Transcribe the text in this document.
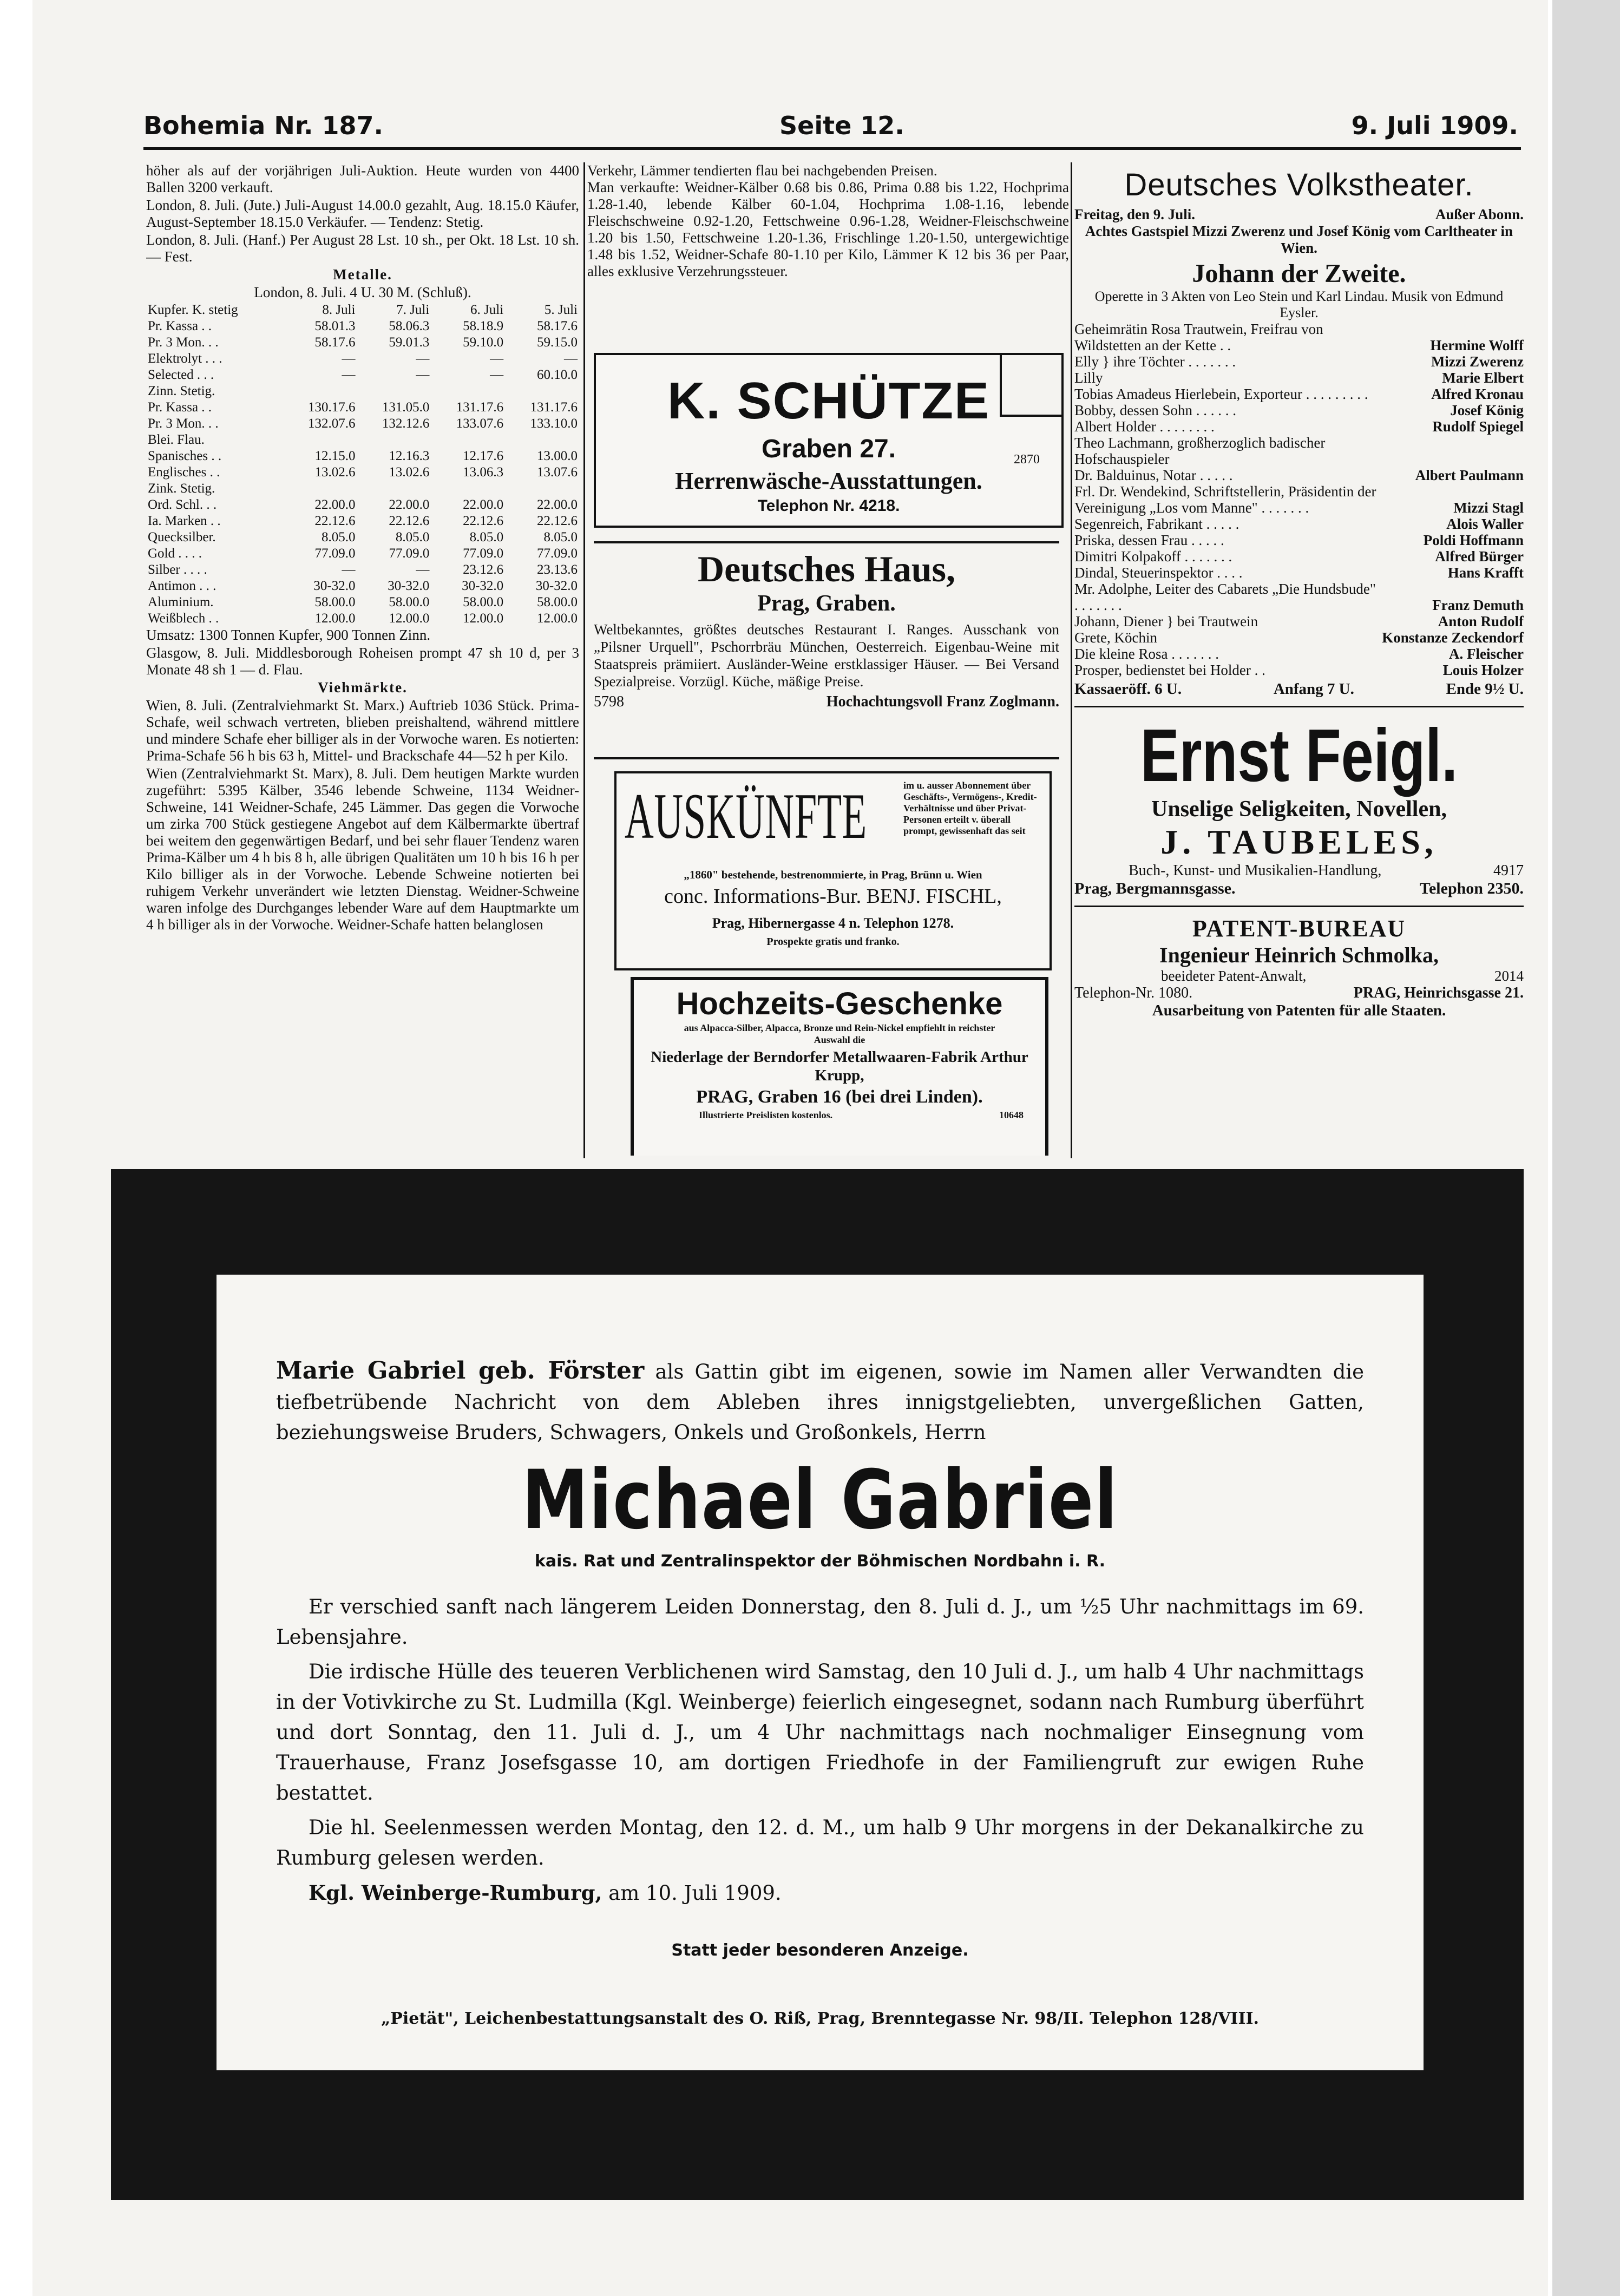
Bohemia Nr. 187.	Seite 12.	9. Juli 1909.

höher als auf der vorjährigen Juli-Auktion. Heute wurden von 4400 Ballen 3200 verkauft.

London, 8. Juli. (Jute.) Juli-August 14.00.0 gezahlt, Aug. 18.15.0 Käufer, August-September 18.15.0 Verkäufer. — Tendenz: Stetig.

London, 8. Juli. (Hanf.) Per August 28 Lst. 10 sh., per Okt. 18 Lst. 10 sh. — Fest.

Metalle.

London, 8. Juli. 4 U. 30 M. (Schluß).

Kupfer. K. stetig	8. Juli	7. Juli	6. Juli	5. Juli
Pr. Kassa . .	58.01.3	58.06.3	58.18.9	58.17.6
Pr. 3 Mon. . .	58.17.6	59.01.3	59.10.0	59.15.0
Elektrolyt . . .	—	—	—	—
Selected . . .	—	—	—	60.10.0
Zinn. Stetig.				
Pr. Kassa . .	130.17.6	131.05.0	131.17.6	131.17.6
Pr. 3 Mon. . .	132.07.6	132.12.6	133.07.6	133.10.0
Blei. Flau.				
Spanisches . .	12.15.0	12.16.3	12.17.6	13.00.0
Englisches . .	13.02.6	13.02.6	13.06.3	13.07.6
Zink. Stetig.				
Ord. Schl. . .	22.00.0	22.00.0	22.00.0	22.00.0
Ia. Marken . .	22.12.6	22.12.6	22.12.6	22.12.6
Quecksilber.	8.05.0	8.05.0	8.05.0	8.05.0
Gold . . . .	77.09.0	77.09.0	77.09.0	77.09.0
Silber . . . .	—	—	23.12.6	23.13.6
Antimon . . .	30-32.0	30-32.0	30-32.0	30-32.0
Aluminium.	58.00.0	58.00.0	58.00.0	58.00.0
Weißblech . .	12.00.0	12.00.0	12.00.0	12.00.0

Umsatz: 1300 Tonnen Kupfer, 900 Tonnen Zinn.

Glasgow, 8. Juli. Middlesborough Roheisen prompt 47 sh 10 d, per 3 Monate 48 sh 1 — d. Flau.

Viehmärkte.

Wien, 8. Juli. (Zentralviehmarkt St. Marx.) Auftrieb 1036 Stück. Prima-Schafe, weil schwach vertreten, blieben preishaltend, während mittlere und mindere Schafe eher billiger als in der Vorwoche waren. Es notierten: Prima-Schafe 56 h bis 63 h, Mittel- und Brackschafe 44—52 h per Kilo.

Wien (Zentralviehmarkt St. Marx), 8. Juli. Dem heutigen Markte wurden zugeführt: 5395 Kälber, 3546 lebende Schweine, 1134 Weidner-Schweine, 141 Weidner-Schafe, 245 Lämmer. Das gegen die Vorwoche um zirka 700 Stück gestiegene Angebot auf dem Kälbermarkte übertraf bei weitem den gegenwärtigen Bedarf, und bei sehr flauer Tendenz waren Prima-Kälber um 4 h bis 8 h, alle übrigen Qualitäten um 10 h bis 16 h per Kilo billiger als in der Vorwoche. Lebende Schweine notierten bei ruhigem Verkehr unverändert wie letzten Dienstag. Weidner-Schweine waren infolge des Durchganges lebender Ware auf dem Hauptmarkte um 4 h billiger als in der Vorwoche. Weidner-Schafe hatten belanglosen

Verkehr, Lämmer tendierten flau bei nachgebenden Preisen.

Man verkaufte: Weidner-Kälber 0.68 bis 0.86, Prima 0.88 bis 1.22, Hochprima 1.28-1.40, lebende Kälber 60-1.04, Hochprima 1.08-1.16, lebende Fleischschweine 0.92-1.20, Fettschweine 0.96-1.28, Weidner-Fleischschweine 1.20 bis 1.50, Fettschweine 1.20-1.36, Frischlinge 1.20-1.50, untergewichtige 1.48 bis 1.52, Weidner-Schafe 80-1.10 per Kilo, Lämmer K 12 bis 36 per Paar, alles exklusive Verzehrungssteuer.

K. SCHÜTZE
Graben 27.	2870
Herrenwäsche-Ausstattungen.
Telephon Nr. 4218.
Deutsches Haus,
Prag, Graben.
Weltbekanntes, größtes deutsches Restaurant I. Ranges. Ausschank von „Pilsner Urquell", Pschorrbräu München, Oesterreich. Eigenbau-Weine mit Staatspreis prämiiert. Ausländer-Weine erstklassiger Häuser. — Bei Versand Spezialpreise. Vorzügl. Küche, mäßige Preise.
5798	Hochachtungsvoll Franz Zoglmann.
AUSKÜNFTE	im u. ausser Abonnement über Geschäfts-, Vermögens-, Kredit-Verhältnisse und über Privat-Personen erteilt v. überall prompt, gewissenhaft das seit
„1860" bestehende, bestrenommierte, in Prag, Brünn u. Wien
conc. Informations-Bur. BENJ. FISCHL,
Prag, Hibernergasse 4 n. Telephon 1278.
Prospekte gratis und franko.
Hochzeits-Geschenke
aus Alpacca-Silber, Alpacca, Bronze und Rein-Nickel empfiehlt in reichster Auswahl die
Niederlage der Berndorfer Metallwaaren-Fabrik Arthur Krupp,
PRAG, Graben 16 (bei drei Linden).
Illustrierte Preislisten kostenlos.	10648
Deutsches Volkstheater.
Freitag, den 9. Juli.	Außer Abonn.
Achtes Gastspiel Mizzi Zwerenz und Josef König vom Carltheater in Wien.
Johann der Zweite.
Operette in 3 Akten von Leo Stein und Karl Lindau. Musik von Edmund Eysler.
Geheimrätin Rosa Trautwein, Freifrau von Wildstetten an der Kette . .	Hermine Wolff
Elly } ihre Töchter . . . . . . .	Mizzi Zwerenz
Lilly	Marie Elbert
Tobias Amadeus Hierlebein, Exporteur . . . . . . . . .	Alfred Kronau
Bobby, dessen Sohn . . . . . .	Josef König
Albert Holder . . . . . . . .	Rudolf Spiegel
Theo Lachmann, großherzoglich badischer Hofschauspieler	
Dr. Balduinus, Notar . . . . .	Albert Paulmann
Frl. Dr. Wendekind, Schriftstellerin, Präsidentin der Vereinigung „Los vom Manne" . . . . . . .	Mizzi Stagl
Segenreich, Fabrikant . . . . .	Alois Waller
Priska, dessen Frau . . . . .	Poldi Hoffmann
Dimitri Kolpakoff . . . . . . .	Alfred Bürger
Dindal, Steuerinspektor . . . .	Hans Krafft
Mr. Adolphe, Leiter des Cabarets „Die Hundsbude" . . . . . . .	Franz Demuth
Johann, Diener } bei Trautwein	Anton Rudolf
Grete, Köchin	Konstanze Zeckendorf
Die kleine Rosa . . . . . . .	A. Fleischer
Prosper, bedienstet bei Holder . .	Louis Holzer
Kassaeröff. 6 U.	Anfang 7 U.	Ende 9½ U.
Ernst Feigl.
Unselige Seligkeiten, Novellen,
J. TAUBELES,
Buch-, Kunst- und Musikalien-Handlung,	4917
Prag, Bergmannsgasse.	Telephon 2350.
PATENT-BUREAU
Ingenieur Heinrich Schmolka,
beeideter Patent-Anwalt,	2014
Telephon-Nr. 1080.	PRAG, Heinrichsgasse 21.
Ausarbeitung von Patenten für alle Staaten.

Marie Gabriel geb. Förster als Gattin gibt im eigenen, sowie im Namen aller Verwandten die tiefbetrübende Nachricht von dem Ableben ihres innigstgeliebten, unvergeßlichen Gatten, beziehungsweise Bruders, Schwagers, Onkels und Großonkels, Herrn

Michael Gabriel

kais. Rat und Zentralinspektor der Böhmischen Nordbahn i. R.

Er verschied sanft nach längerem Leiden Donnerstag, den 8. Juli d. J., um ½5 Uhr nachmittags im 69. Lebensjahre.

Die irdische Hülle des teueren Verblichenen wird Samstag, den 10 Juli d. J., um halb 4 Uhr nachmittags in der Votivkirche zu St. Ludmilla (Kgl. Weinberge) feierlich eingesegnet, sodann nach Rumburg überführt und dort Sonntag, den 11. Juli d. J., um 4 Uhr nachmittags nach nochmaliger Einsegnung vom Trauerhause, Franz Josefsgasse 10, am dortigen Friedhofe in der Familiengruft zur ewigen Ruhe bestattet.

Die hl. Seelenmessen werden Montag, den 12. d. M., um halb 9 Uhr morgens in der Dekanalkirche zu Rumburg gelesen werden.

Kgl. Weinberge-Rumburg, am 10. Juli 1909.

Statt jeder besonderen Anzeige.

„Pietät", Leichenbestattungsanstalt des O. Riß, Prag, Brenntegasse Nr. 98/II. Telephon 128/VIII.
